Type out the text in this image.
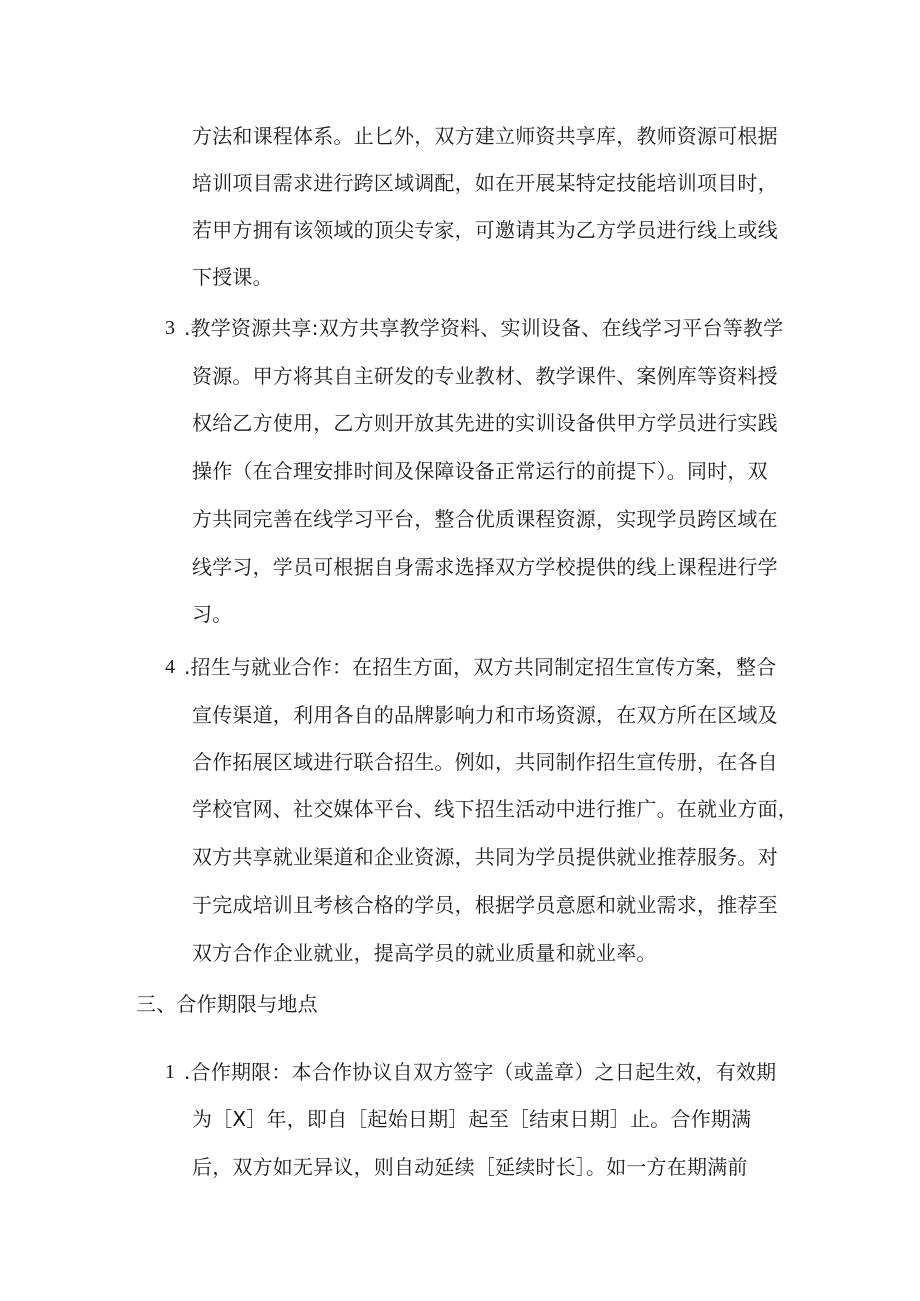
方法和课程体系。止匕外，双方建立师资共享库，教师资源可根据
培训项目需求进行跨区域调配，如在开展某特定技能培训项目时，
若甲方拥有该领域的顶尖专家，可邀请其为乙方学员进行线上或线
下授课。
3 .教学资源共享:双方共享教学资料、实训设备、在线学习平台等教学
资源。甲方将其自主研发的专业教材、教学课件、案例库等资料授
权给乙方使用，乙方则开放其先进的实训设备供甲方学员进行实践
操作（在合理安排时间及保障设备正常运行的前提下）。同时，双
方共同完善在线学习平台，整合优质课程资源，实现学员跨区域在
线学习，学员可根据自身需求选择双方学校提供的线上课程进行学
习。
4 .招生与就业合作：在招生方面，双方共同制定招生宣传方案，整合
宣传渠道，利用各自的品牌影响力和市场资源，在双方所在区域及
合作拓展区域进行联合招生。例如，共同制作招生宣传册，在各自
学校官网、社交媒体平台、线下招生活动中进行推广。在就业方面，
双方共享就业渠道和企业资源，共同为学员提供就业推荐服务。对
于完成培训且考核合格的学员，根据学员意愿和就业需求，推荐至
双方合作企业就业，提高学员的就业质量和就业率。
三、合作期限与地点
1 .合作期限：本合作协议自双方签字（或盖章）之日起生效，有效期
为［X］年，即自［起始日期］起至［结束日期］止。合作期满
后，双方如无异议，则自动延续［延续时长］。如一方在期满前
